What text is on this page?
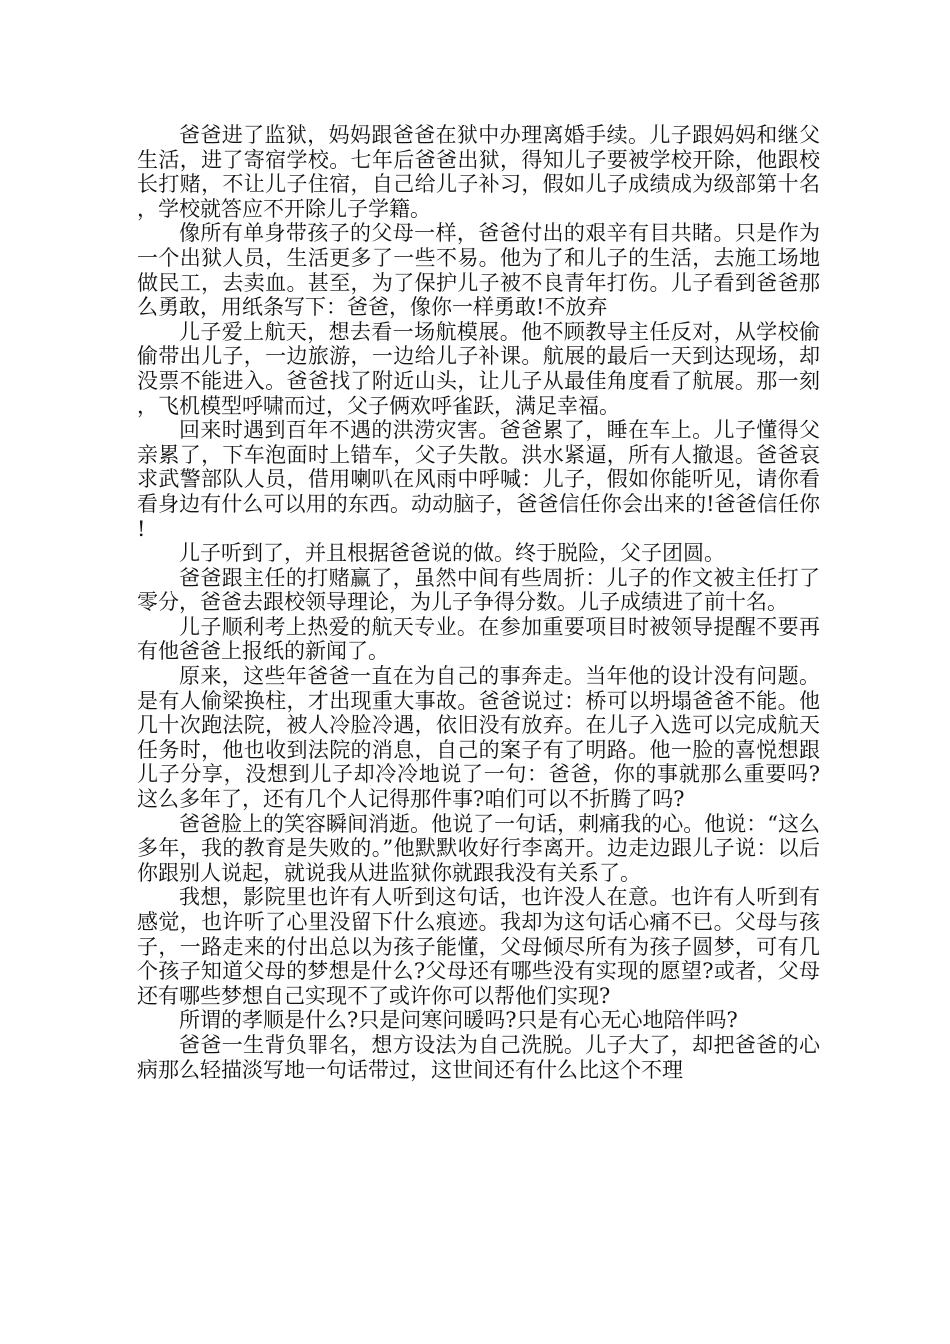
爸爸进了监狱，妈妈跟爸爸在狱中办理离婚手续。儿子跟妈妈和继父生活，进了寄宿学校。七年后爸爸出狱，得知儿子要被学校开除，他跟校长打赌，不让儿子住宿，自己给儿子补习，假如儿子成绩成为级部第十名，学校就答应不开除儿子学籍。

像所有单身带孩子的父母一样，爸爸付出的艰辛有目共睹。只是作为一个出狱人员，生活更多了一些不易。他为了和儿子的生活，去施工场地做民工，去卖血。甚至，为了保护儿子被不良青年打伤。儿子看到爸爸那么勇敢，用纸条写下：爸爸，像你一样勇敢!不放弃

儿子爱上航天，想去看一场航模展。他不顾教导主任反对，从学校偷偷带出儿子，一边旅游，一边给儿子补课。航展的最后一天到达现场，却没票不能进入。爸爸找了附近山头，让儿子从最佳角度看了航展。那一刻，飞机模型呼啸而过，父子俩欢呼雀跃，满足幸福。

回来时遇到百年不遇的洪涝灾害。爸爸累了，睡在车上。儿子懂得父亲累了，下车泡面时上错车，父子失散。洪水紧逼，所有人撤退。爸爸哀求武警部队人员，借用喇叭在风雨中呼喊：儿子，假如你能听见，请你看看身边有什么可以用的东西。动动脑子，爸爸信任你会出来的!爸爸信任你!

儿子听到了，并且根据爸爸说的做。终于脱险，父子团圆。

爸爸跟主任的打赌赢了，虽然中间有些周折：儿子的作文被主任打了零分，爸爸去跟校领导理论，为儿子争得分数。儿子成绩进了前十名。

儿子顺利考上热爱的航天专业。在参加重要项目时被领导提醒不要再有他爸爸上报纸的新闻了。

原来，这些年爸爸一直在为自己的事奔走。当年他的设计没有问题。是有人偷梁换柱，才出现重大事故。爸爸说过：桥可以坍塌爸爸不能。他几十次跑法院，被人冷脸冷遇，依旧没有放弃。在儿子入选可以完成航天任务时，他也收到法院的消息，自己的案子有了明路。他一脸的喜悦想跟儿子分享，没想到儿子却冷冷地说了一句：爸爸，你的事就那么重要吗?这么多年了，还有几个人记得那件事?咱们可以不折腾了吗?

爸爸脸上的笑容瞬间消逝。他说了一句话，刺痛我的心。他说：“这么多年，我的教育是失败的。”他默默收好行李离开。边走边跟儿子说：以后你跟别人说起，就说我从进监狱你就跟我没有关系了。

我想，影院里也许有人听到这句话，也许没人在意。也许有人听到有感觉，也许听了心里没留下什么痕迹。我却为这句话心痛不已。父母与孩子，一路走来的付出总以为孩子能懂，父母倾尽所有为孩子圆梦，可有几个孩子知道父母的梦想是什么?父母还有哪些没有实现的愿望?或者，父母还有哪些梦想自己实现不了或许你可以帮他们实现?

所谓的孝顺是什么?只是问寒问暖吗?只是有心无心地陪伴吗?

爸爸一生背负罪名，想方设法为自己洗脱。儿子大了，却把爸爸的心病那么轻描淡写地一句话带过，这世间还有什么比这个不理
